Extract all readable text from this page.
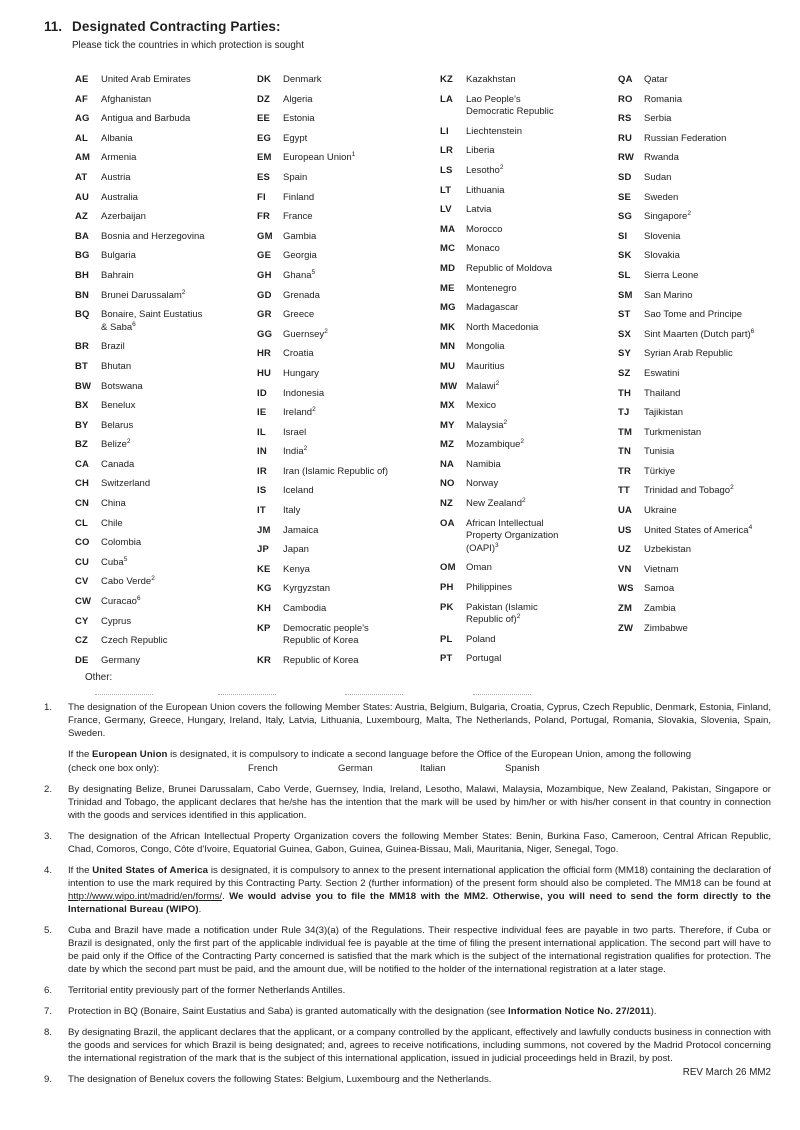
11. Designated Contracting Parties:
Please tick the countries in which protection is sought
AE	United Arab Emirates
AF	Afghanistan
AG	Antigua and Barbuda
AL	Albania
AM	Armenia
AT	Austria
AU	Australia
AZ	Azerbaijan
BA	Bosnia and Herzegovina
BG	Bulgaria
BH	Bahrain
BN	Brunei Darussalam$^2$
BQ	Bonaire, Saint Eustatius
& Saba$^6$
BR	Brazil
BT	Bhutan
BW	Botswana
BX	Benelux
BY	Belarus
BZ	Belize$^2$
CA	Canada
CH	Switzerland
CN	China
CL	Chile
CO	Colombia
CU	Cuba$^5$
CV	Cabo Verde$^2$
CW	Curacao$^6$
CY	Cyprus
CZ	Czech Republic
DE	Germany
DK	Denmark
DZ	Algeria
EE	Estonia
EG	Egypt
EM	European Union$^1$
ES	Spain
FI	Finland
FR	France
GM	Gambia
GE	Georgia
GH	Ghana$^5$
GD	Grenada
GR	Greece
GG	Guernsey$^2$
HR	Croatia
HU	Hungary
ID	Indonesia
IE	Ireland$^2$
IL	Israel
IN	India$^2$
IR	Iran (Islamic Republic of)
IS	Iceland
IT	Italy
JM	Jamaica
JP	Japan
KE	Kenya
KG	Kyrgyzstan
KH	Cambodia
KP	Democratic people's
Republic of Korea
KR	Republic of Korea
KZ	Kazakhstan
LA	Lao People's
Democratic Republic
LI	Liechtenstein
LR	Liberia
LS	Lesotho$^2$
LT	Lithuania
LV	Latvia
MA	Morocco
MC	Monaco
MD	Republic of Moldova
ME	Montenegro
MG	Madagascar
MK	North Macedonia
MN	Mongolia
MU	Mauritius
MW Malawi$^2$
MX	Mexico
MY	Malaysia$^2$
MZ	Mozambique$^2$
NA	Namibia
NO	Norway
NZ	New Zealand$^2$
OA	African Intellectual
Property Organization
(OAPI)$^3$
OM	Oman
PH	Philippines
PK	Pakistan (Islamic
Republic of)$^2$
PL	Poland
PT	Portugal
QA	Qatar
RO	Romania
RS	Serbia
RU	Russian Federation
RW	Rwanda
SD	Sudan
SE	Sweden
SG	Singapore$^2$
SI	Slovenia
SK	Slovakia
SL	Sierra Leone
SM	San Marino
ST	Sao Tome and Principe
SX	Sint Maarten (Dutch part)$^6$
SY	Syrian Arab Republic
SZ	Eswatini
TH	Thailand
TJ	Tajikistan
TM	Turkmenistan
TN	Tunisia
TR	Türkiye
TT	Trinidad and Tobago$^2$
UA	Ukraine
US	United States of America$^4$
UZ	Uzbekistan
VN	Vietnam
WS	Samoa
ZM	Zambia
ZW	Zimbabwe
Other:
1.	The designation of the European Union covers the following Member States: Austria, Belgium, Bulgaria, Croatia, Cyprus, Czech Republic, Denmark, Estonia, Finland, France, Germany, Greece, Hungary, Ireland, Italy, Latvia, Lithuania, Luxembourg, Malta, The Netherlands, Poland, Portugal, Romania, Slovakia, Slovenia, Spain, Sweden.

If the European Union is designated, it is compulsory to indicate a second language before the Office of the European Union, among the following

(check one box only):	French	German	Italian	Spanish
2.	By designating Belize, Brunei Darussalam, Cabo Verde, Guernsey, India, Ireland, Lesotho, Malawi, Malaysia, Mozambique, New Zealand, Pakistan, Singapore or Trinidad and Tobago, the applicant declares that he/she has the intention that the mark will be used by him/her or with his/her consent in that country in connection with the goods and services identified in this application.

3.	The designation of the African Intellectual Property Organization covers the following Member States: Benin, Burkina Faso, Cameroon, Central African Republic, Chad, Comoros, Congo, Côte d'Ivoire, Equatorial Guinea, Gabon, Guinea, Guinea-Bissau, Mali, Mauritania, Niger, Senegal, Togo.

4.	If the United States of America is designated, it is compulsory to annex to the present international application the official form (MM18) containing the declaration of intention to use the mark required by this Contracting Party. Section 2 (further information) of the present form should also be completed. The MM18 can be found at http://www.wipo.int/madrid/en/forms/. We would advise you to file the MM18 with the MM2. Otherwise, you will need to send the form directly to the International Bureau (WIPO).

5.	Cuba and Brazil have made a notification under Rule 34(3)(a) of the Regulations. Their respective individual fees are payable in two parts. Therefore, if Cuba or Brazil is designated, only the first part of the applicable individual fee is payable at the time of filing the present international application. The second part will have to be paid only if the Office of the Contracting Party concerned is satisfied that the mark which is the subject of the international registration qualifies for protection. The date by which the second part must be paid, and the amount due, will be notified to the holder of the international registration at a later stage.

6.	Territorial entity previously part of the former Netherlands Antilles.

7.	Protection in BQ (Bonaire, Saint Eustatius and Saba) is granted automatically with the designation (see Information Notice No. 27/2011).

8.	By designating Brazil, the applicant declares that the applicant, or a company controlled by the applicant, effectively and lawfully conducts business in connection with the goods and services for which Brazil is being designated; and, agrees to receive notifications, including summons, not covered by the Madrid Protocol concerning the international registration of the mark that is the subject of this international application, issued in judicial proceedings held in Brazil, by post.

9.	The designation of Benelux covers the following States: Belgium, Luxembourg and the Netherlands.

REV March 26 MM2
